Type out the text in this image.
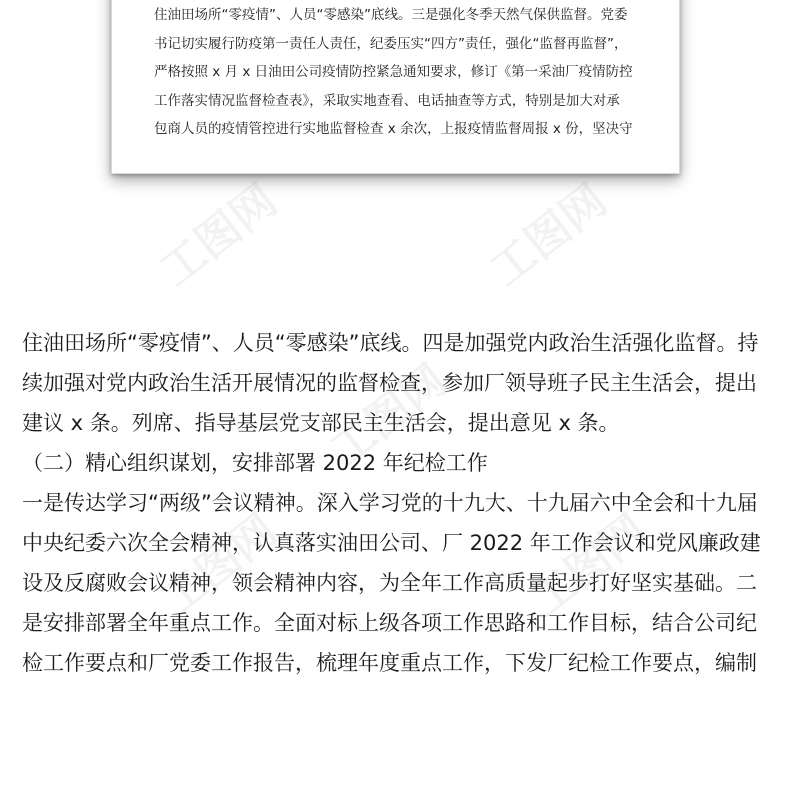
住油田场所“零疫情”、人员“零感染”底线。三是强化冬季天然气保供监督。党委
书记切实履行防疫第一责任人责任，纪委压实“四方”责任，强化“监督再监督”，
严格按照 x 月 x 日油田公司疫情防控紧急通知要求，修订《第一采油厂疫情防控
工作落实情况监督检查表》，采取实地查看、电话抽查等方式，特别是加大对承
包商人员的疫情管控进行实地监督检查 x 余次，上报疫情监督周报 x 份，坚决守
工图网	工图网
工图网
工图网	工图网
住油田场所“零疫情”、人员“零感染”底线。四是加强党内政治生活强化监督。持
续加强对党内政治生活开展情况的监督检查，参加厂领导班子民主生活会，提出
建议 x 条。列席、指导基层党支部民主生活会，提出意见 x 条。
（二）精心组织谋划，安排部署 2022 年纪检工作
一是传达学习“两级”会议精神。深入学习党的十九大、十九届六中全会和十九届
中央纪委六次全会精神，认真落实油田公司、厂 2022 年工作会议和党风廉政建
设及反腐败会议精神，领会精神内容，为全年工作高质量起步打好坚实基础。二
是安排部署全年重点工作。全面对标上级各项工作思路和工作目标，结合公司纪
检工作要点和厂党委工作报告，梳理年度重点工作，下发厂纪检工作要点，编制
